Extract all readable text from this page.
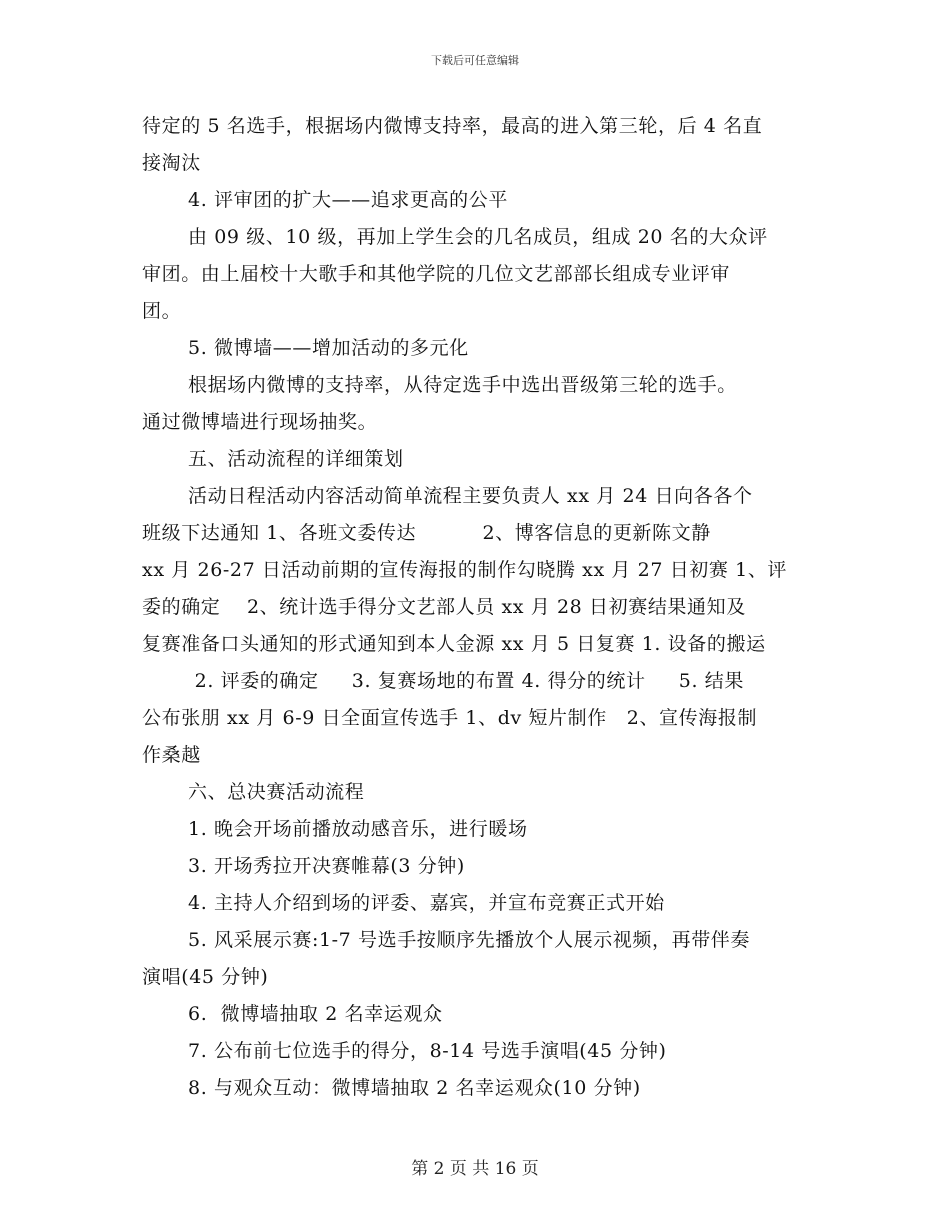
下载后可任意编辑
待定的 5 名选手，根据场内微博支持率，最高的进入第三轮，后 4 名直
接淘汰
4. 评审团的扩大——追求更高的公平
由 09 级、10 级，再加上学生会的几名成员，组成 20 名的大众评
审团。由上届校十大歌手和其他学院的几位文艺部部长组成专业评审
团。
5. 微博墙——增加活动的多元化
根据场内微博的支持率，从待定选手中选出晋级第三轮的选手。
通过微博墙进行现场抽奖。
五、活动流程的详细策划
活动日程活动内容活动简单流程主要负责人 xx 月 24 日向各各个
班级下达通知 1、各班文委传达          2、博客信息的更新陈文静
xx 月 26-27 日活动前期的宣传海报的制作勾晓腾 xx 月 27 日初赛 1、评
委的确定    2、统计选手得分文艺部人员 xx 月 28 日初赛结果通知及
复赛准备口头通知的形式通知到本人金源 xx 月 5 日复赛 1. 设备的搬运
2. 评委的确定     3. 复赛场地的布置 4. 得分的统计     5. 结果
公布张朋 xx 月 6-9 日全面宣传选手 1、dv 短片制作   2、宣传海报制
作桑越
六、总决赛活动流程
1. 晚会开场前播放动感音乐，进行暖场
3. 开场秀拉开决赛帷幕(3 分钟)
4. 主持人介绍到场的评委、嘉宾，并宣布竞赛正式开始
5. 风采展示赛:1-7 号选手按顺序先播放个人展示视频，再带伴奏
演唱(45 分钟)
6.  微博墙抽取 2 名幸运观众
7. 公布前七位选手的得分，8-14 号选手演唱(45 分钟)
8. 与观众互动：微博墙抽取 2 名幸运观众(10 分钟)
第 2 页 共 16 页
